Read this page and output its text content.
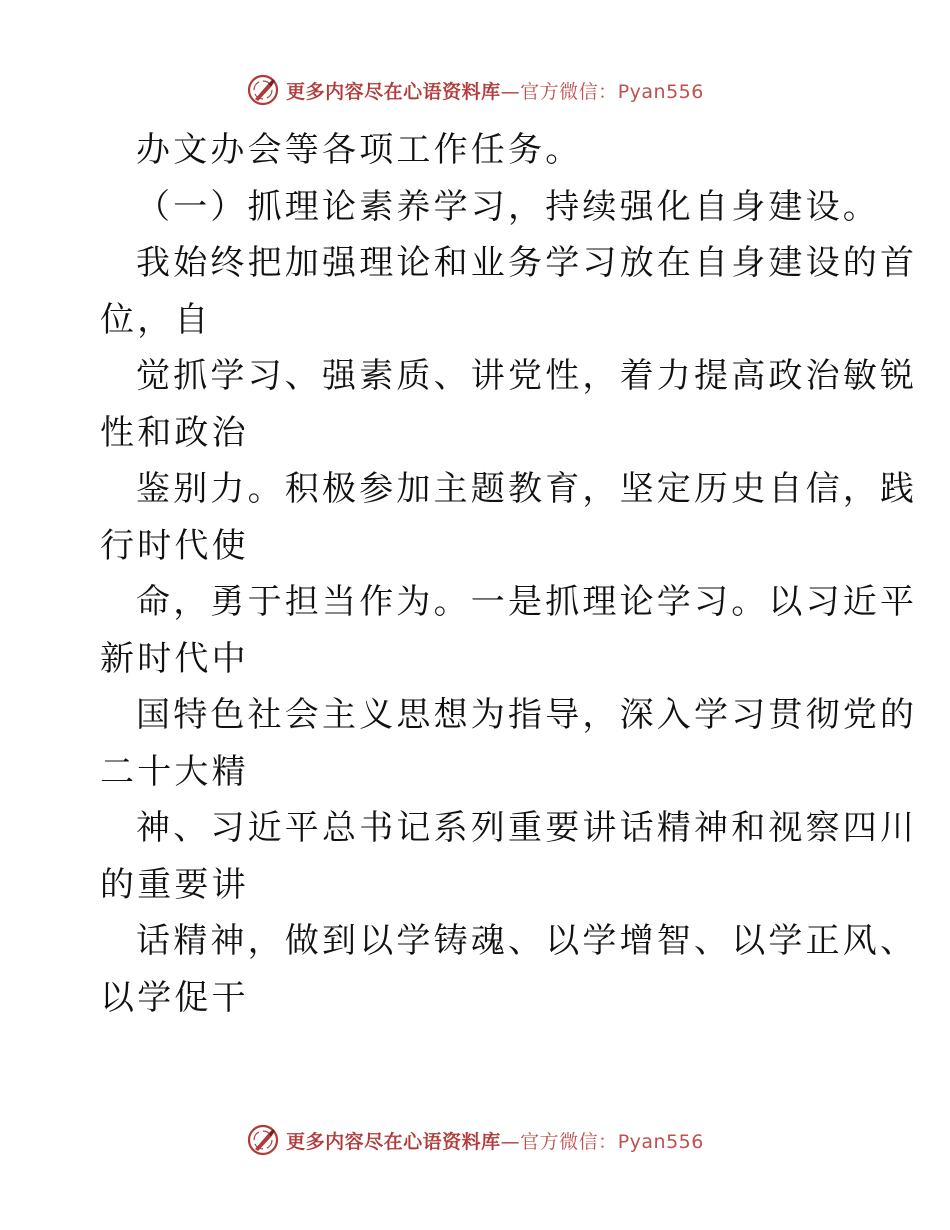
更多内容尽在心语资料库—官方微信：Pyan556
办文办会等各项工作任务。
（一）抓理论素养学习，持续强化自身建设。
我始终把加强理论和业务学习放在自身建设的首
位，自
觉抓学习、强素质、讲党性，着力提高政治敏锐
性和政治
鉴别力。积极参加主题教育，坚定历史自信，践
行时代使
命，勇于担当作为。一是抓理论学习。以习近平
新时代中
国特色社会主义思想为指导，深入学习贯彻党的
二十大精
神、习近平总书记系列重要讲话精神和视察四川
的重要讲
话精神，做到以学铸魂、以学增智、以学正风、
以学促干
更多内容尽在心语资料库—官方微信：Pyan556
